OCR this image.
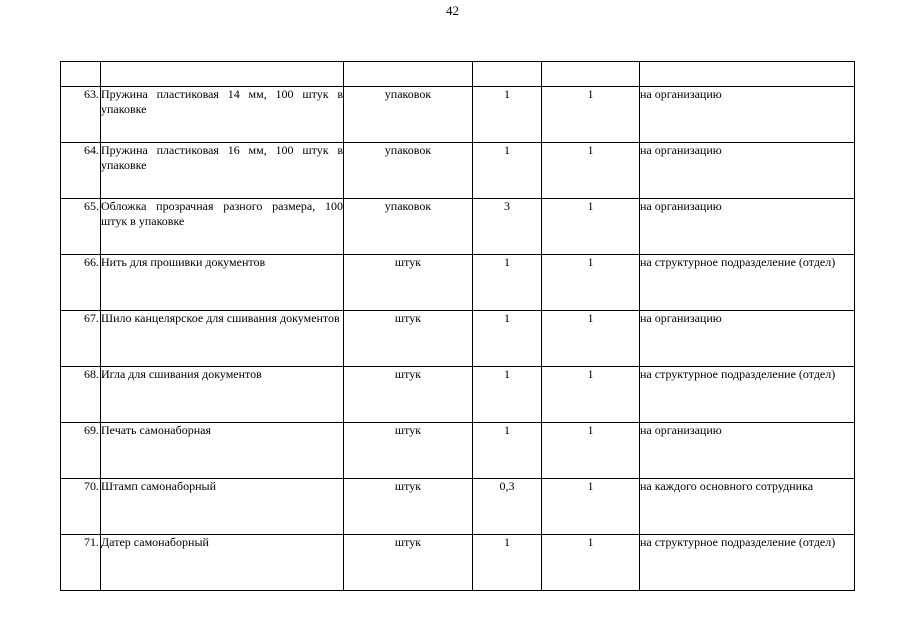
42

63.	Пружина пластиковая 14 мм, 100 штук в упаковке	упаковок	1	1	на организацию
64.	Пружина пластиковая 16 мм, 100 штук в упаковке	упаковок	1	1	на организацию
65.	Обложка прозрачная разного размера, 100 штук в упаковке	упаковок	3	1	на организацию
66.	Нить для прошивки документов	штук	1	1	на структурное подразделение (отдел)
67.	Шило канцелярское для сшивания документов	штук	1	1	на организацию
68.	Игла для сшивания документов	штук	1	1	на структурное подразделение (отдел)
69.	Печать самонаборная	штук	1	1	на организацию
70.	Штамп самонаборный	штук	0,3	1	на каждого основного сотрудника
71.	Датер самонаборный	штук	1	1	на структурное подразделение (отдел)
